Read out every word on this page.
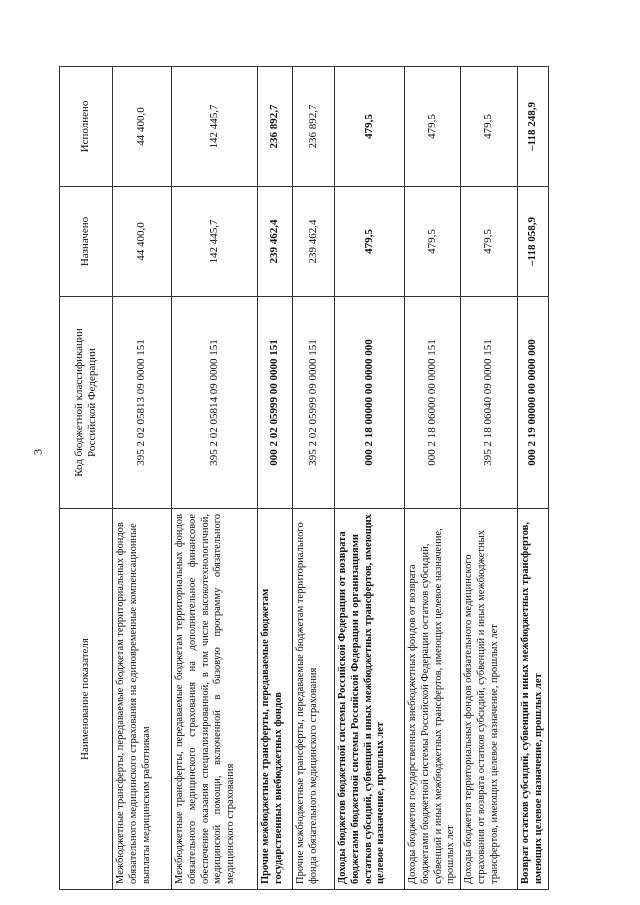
3
Наименование показателя	Код бюджетной классификации Российской Федерации	Назначено	Исполнено
Межбюджетные трансферты, передаваемые бюджетам территориальных фондов обязательного медицинского страхования на единовременные компенсационные выплаты медицинским работникам	395 2 02 05813 09 0000 151	44 400,0	44 400,0
Межбюджетные трансферты, передаваемые бюджетам территориальных фондов обязательного медицинского страхования на дополнительное финансовое обеспечение оказания специализированной, в том числе высокотехнологичной, медицинской помощи, включенной в базовую программу обязательного медицинского страхования	395 2 02 05814 09 0000 151	142 445,7	142 445,7
Прочие межбюджетные трансферты, передаваемые бюджетам государственных внебюджетных фондов	000 2 02 05999 00 0000 151	239 462,4	236 892,7
Прочие межбюджетные трансферты, передаваемые бюджетам территориального фонда обязательного медицинского страхования	395 2 02 05999 09 0000 151	239 462,4	236 892,7
Доходы бюджетов бюджетной системы Российской Федерации от возврата бюджетами бюджетной системы Российской Федерации и организациями остатков субсидий, субвенций и иных межбюджетных трансфертов, имеющих целевое назначение, прошлых лет	000 2 18 00000 00 0000 000	479,5	479,5
Доходы бюджетов государственных внебюджетных фондов от возврата бюджетами бюджетной системы Российской Федерации остатков субсидий, субвенций и иных межбюджетных трансфертов, имеющих целевое назначение, прошлых лет	000 2 18 06000 00 0000 151	479,5	479,5
Доходы бюджетов территориальных фондов обязательного медицинского страхования от возврата остатков субсидий, субвенций и иных межбюджетных трансфертов, имеющих целевое назначение, прошлых лет	395 2 18 06040 09 0000 151	479,5	479,5
Возврат остатков субсидий, субвенций и иных межбюджетных трансфертов, имеющих целевое назначение, прошлых лет	000 2 19 00000 00 0000 000	–118 058,9	–118 248,9
